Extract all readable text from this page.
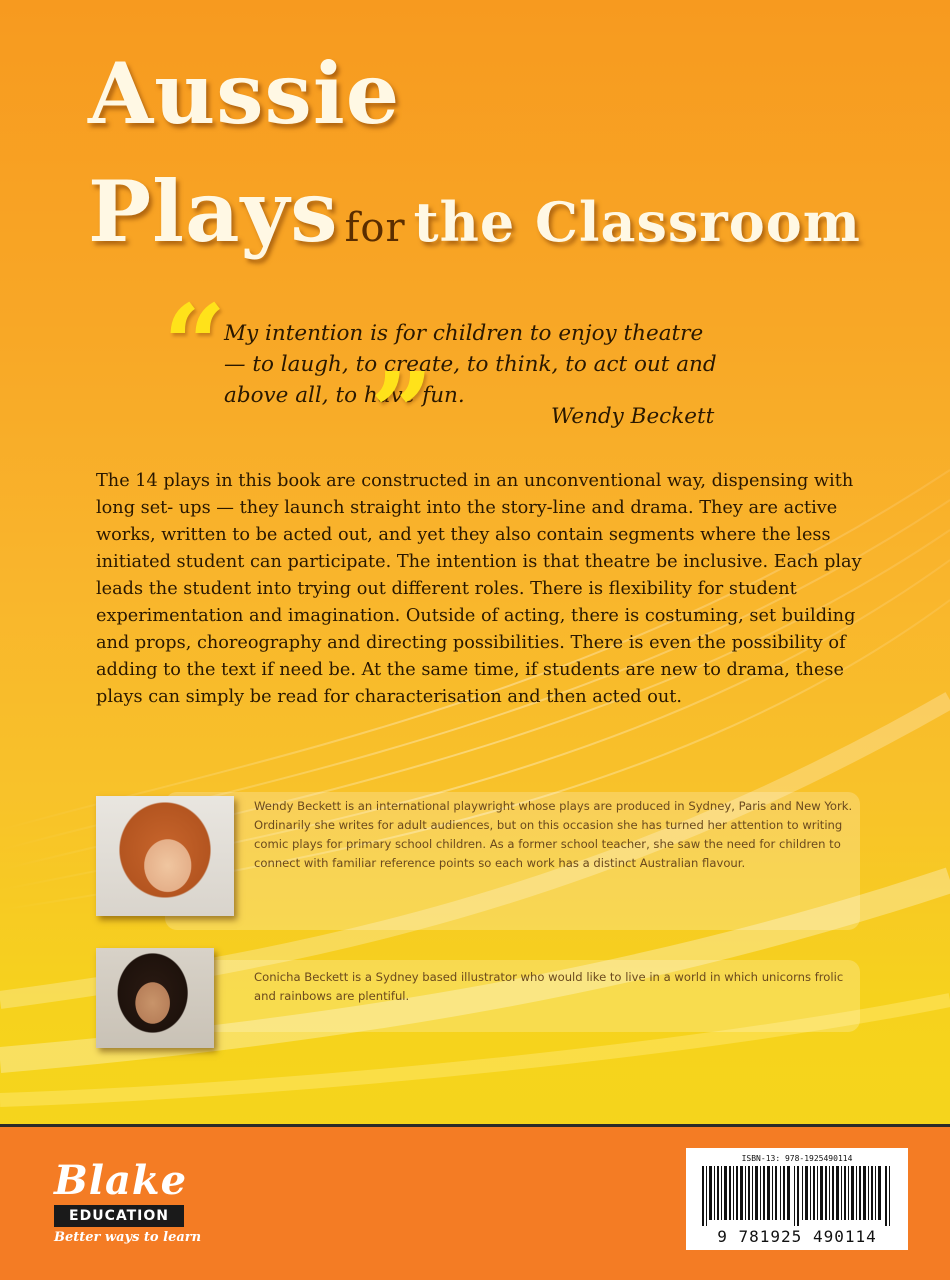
Aussie
Plays for the Classroom
“
My intention is for children to enjoy theatre — to laugh, to create, to think, to act out and above all, to have fun.
”	Wendy Beckett
The 14 plays in this book are constructed in an unconventional way, dispensing with long set- ups — they launch straight into the story-line and drama. They are active works, written to be acted out, and yet they also contain segments where the less initiated student can participate. The intention is that theatre be inclusive. Each play leads the student into trying out different roles. There is flexibility for student experimentation and imagination. Outside of acting, there is costuming, set building and props, choreography and directing possibilities. There is even the possibility of adding to the text if need be. At the same time, if students are new to drama, these plays can simply be read for characterisation and then acted out.
Wendy Beckett is an international playwright whose plays are produced in Sydney, Paris and New York. Ordinarily she writes for adult audiences, but on this occasion she has turned her attention to writing comic plays for primary school children. As a former school teacher, she saw the need for children to connect with familiar reference points so each work has a distinct Australian flavour.
Conicha Beckett is a Sydney based illustrator who would like to live in a world in which unicorns frolic and rainbows are plentiful.
Blake
EDUCATION
Better ways to learn
ISBN-13: 978-1925490114
9 781925 490114
